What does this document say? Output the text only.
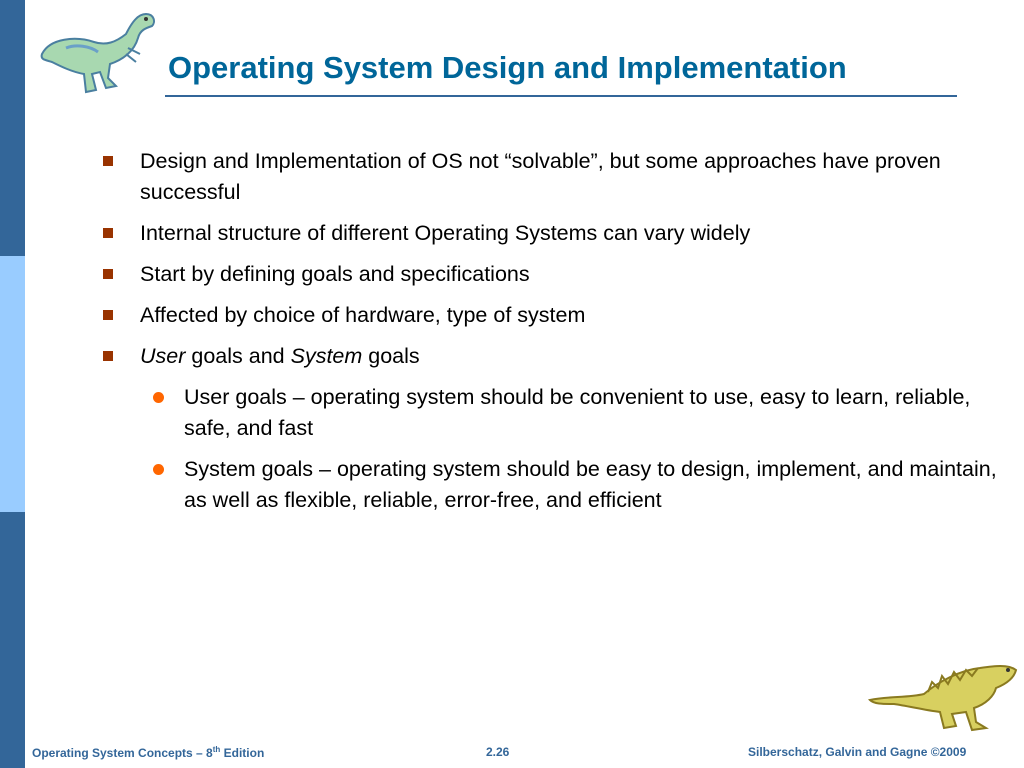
Operating System Design and Implementation
Design and Implementation of OS not “solvable”, but some approaches have proven successful
Internal structure of different Operating Systems can vary widely
Start by defining goals and specifications
Affected by choice of hardware, type of system
User goals and System goals
User goals – operating system should be convenient to use, easy to learn, reliable, safe, and fast
System goals – operating system should be easy to design, implement, and maintain, as well as flexible, reliable, error-free, and efficient
Operating System Concepts – 8th Edition	2.26	Silberschatz, Galvin and Gagne ©2009
